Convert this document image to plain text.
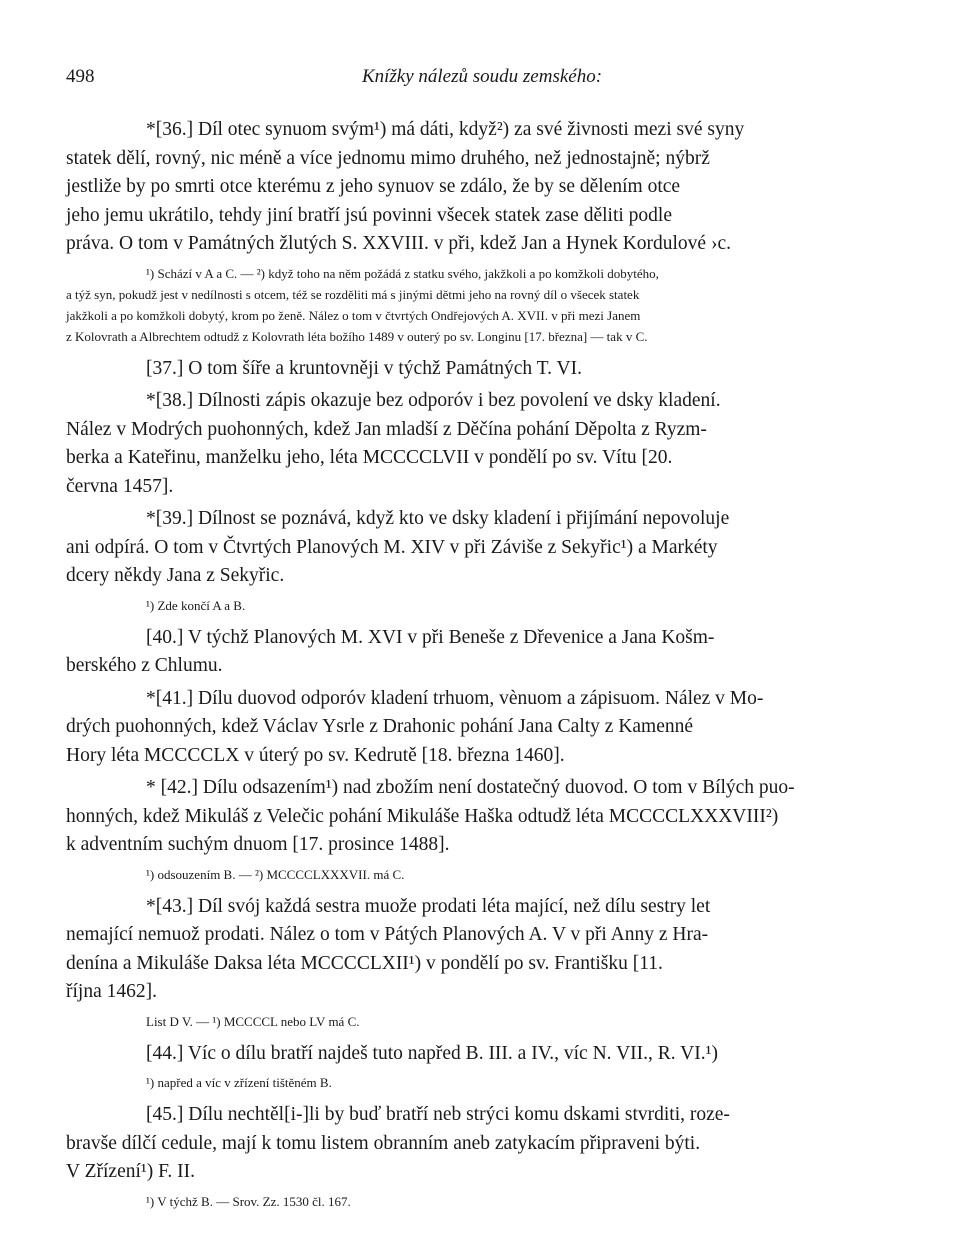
498	Knížky nálezů soudu zemského:

*[36.] Díl otec synuom svým¹) má dáti, když²) za své živnosti mezi své syny
statek dělí, rovný, nic méně a více jednomu mimo druhého, než jednostajně; nýbrž
jestliže by po smrti otce kterému z jeho synuov se zdálo, že by se dělením otce
jeho jemu ukrátilo, tehdy jiní bratří jsú povinni všecek statek zase děliti podle
práva. O tom v Památných žlutých S. XXVIII. v při, kdež Jan a Hynek Kordulové ›c.

¹) Schází v A a C. — ²) když toho na něm požádá z statku svého, jakžkoli a po komžkoli dobytého,
a týž syn, pokudž jest v nedílnosti s otcem, též se rozděliti má s jinými dětmi jeho na rovný díl o všecek statek
jakžkoli a po komžkoli dobytý, krom po ženě. Nález o tom v čtvrtých Ondřejových A. XVII. v při mezi Janem
z Kolovrath a Albrechtem odtudž z Kolovrath léta božího 1489 v outerý po sv. Longinu [17. března] — tak v C.

[37.] O tom šíře a kruntovněji v týchž Památných T. VI.

*[38.] Dílnosti zápis okazuje bez odporóv i bez povolení ve dsky kladení.
Nález v Modrých puohonných, kdež Jan mladší z Děčína pohání Děpolta z Ryzm-
berka a Kateřinu, manželku jeho, léta MCCCCLVII v pondělí po sv. Vítu [20.
června 1457].

*[39.] Dílnost se poznává, když kto ve dsky kladení i přijímání nepovoluje
ani odpírá. O tom v Čtvrtých Planových M. XIV v při Záviše z Sekyřic¹) a Markéty
dcery někdy Jana z Sekyřic.

¹) Zde končí A a B.

[40.] V týchž Planových M. XVI v při Beneše z Dřevenice a Jana Košm-
berského z Chlumu.

*[41.] Dílu duovod odporóv kladení trhuom, vènuom a zápisuom. Nález v Mo-
drých puohonných, kdež Václav Ysrle z Drahonic pohání Jana Calty z Kamenné
Hory léta MCCCCLX v úterý po sv. Kedrutě [18. března 1460].

* [42.] Dílu odsazením¹) nad zbožím není dostatečný duovod. O tom v Bílých puo-
honných, kdež Mikuláš z Velečic pohání Mikuláše Haška odtudž léta MCCCCLXXXVIII²)
k adventním suchým dnuom [17. prosince 1488].

¹) odsouzením B. — ²) MCCCCLXXXVII. má C.

*[43.] Díl svój každá sestra muože prodati léta mající, než dílu sestry let
nemající nemuož prodati. Nález o tom v Pátých Planových A. V v při Anny z Hra-
denína a Mikuláše Daksa léta MCCCCLXII¹) v pondělí po sv. Františku [11.
října 1462].

List D V. — ¹) MCCCCL nebo LV má C.

[44.] Víc o dílu bratří najdeš tuto napřed B. III. a IV., víc N. VII., R. VI.¹)

¹) napřed a víc v zřízení tištěném B.

[45.] Dílu nechtěl[i-]li by buď bratří neb strýci komu dskami stvrditi, roze-
bravše dílčí cedule, mají k tomu listem obranním aneb zatykacím připraveni býti.
V Zřízení¹) F. II.

¹) V týchž B. — Srov. Zz. 1530 čl. 167.
